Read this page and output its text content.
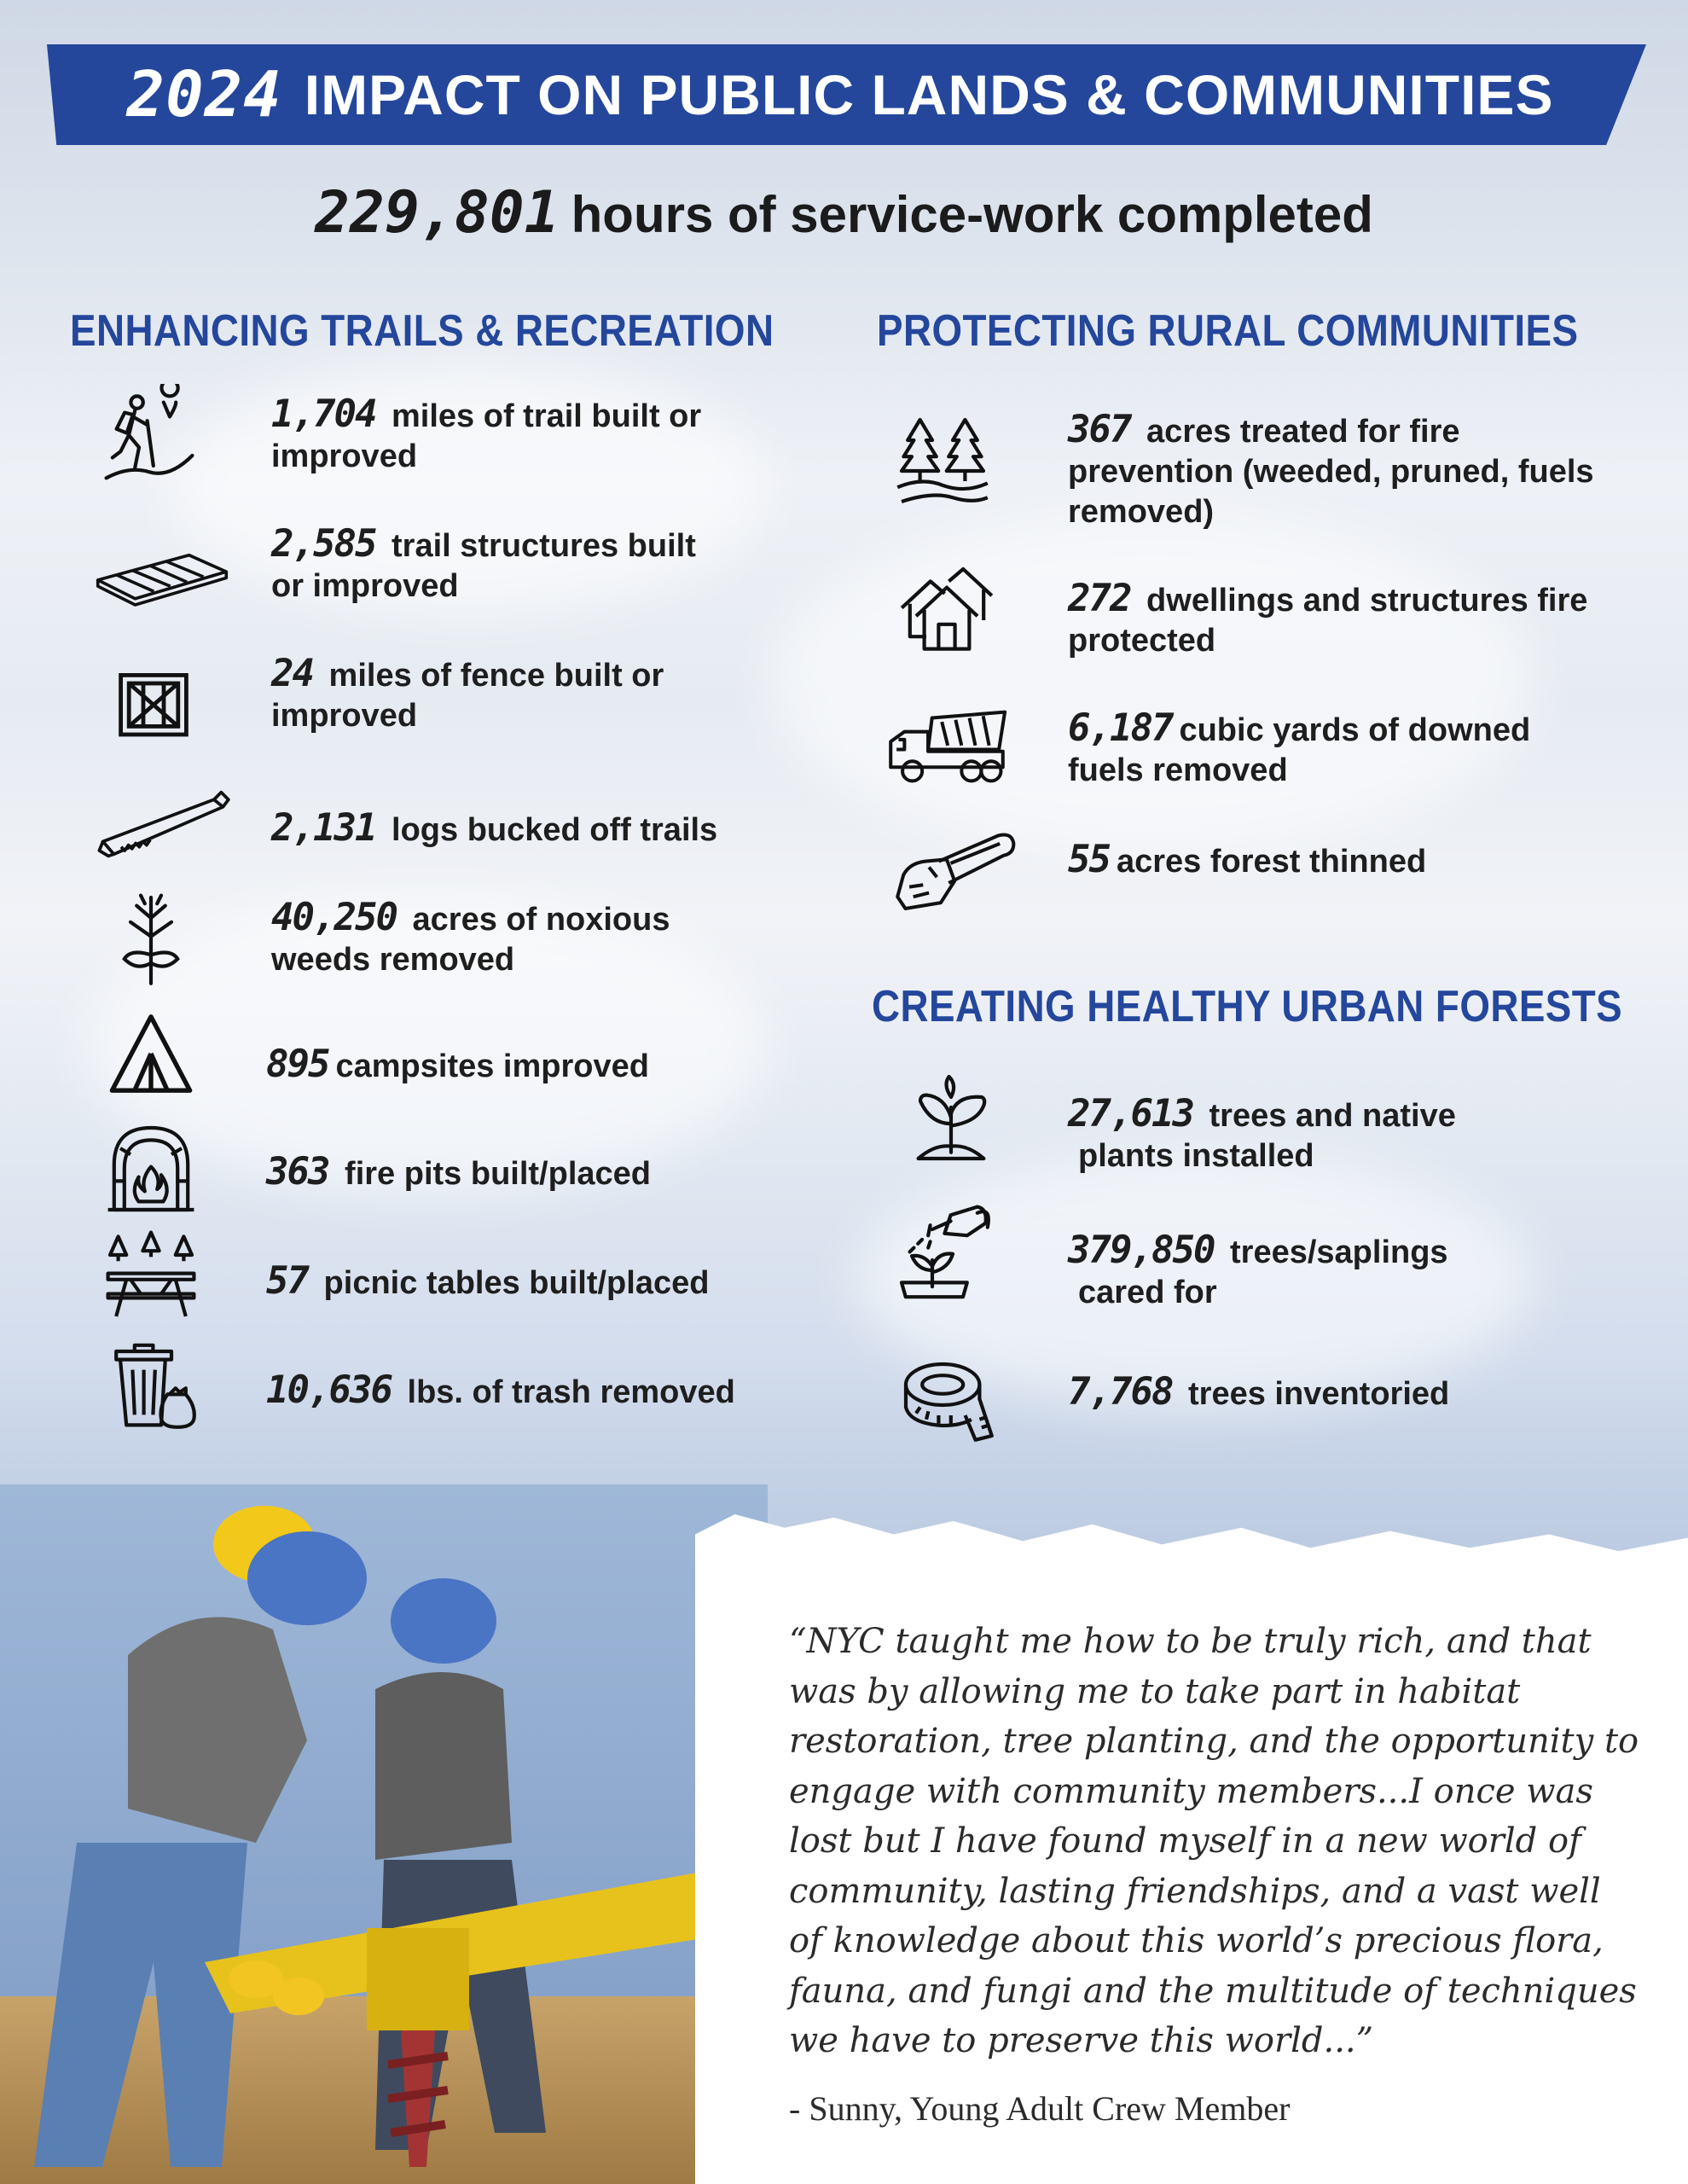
2024 IMPACT ON PUBLIC LANDS & COMMUNITIES
229,801 hours of service-work completed
ENHANCING TRAILS & RECREATION PROTECTING RURAL COMMUNITIES
CREATING HEALTHY URBAN FORESTS
1,704 miles of trail built or
improved
2,585 trail structures built
or improved
24 miles of fence built or
improved
2,131 logs bucked off trails
40,250 acres of noxious
weeds removed
895 campsites improved
363 fire pits built/placed
57 picnic tables built/placed
10,636 lbs. of trash removed
367 acres treated for fire
prevention (weeded, pruned, fuels
removed)
272 dwellings and structures fire
protected
6,187 cubic yards of downed
fuels removed
55 acres forest thinned
27,613 trees and native
plants installed
379,850 trees/saplings
cared for
7,768 trees inventoried
“NYC taught me how to be truly rich, and that was by allowing me to take part in habitat restoration, tree planting, and the opportunity to engage with community members...I once was lost but I have found myself in a new world of community, lasting friendships, and a vast well of knowledge about this world’s precious flora, fauna, and fungi and the multitude of techniques we have to preserve this world...”
- Sunny, Young Adult Crew Member
